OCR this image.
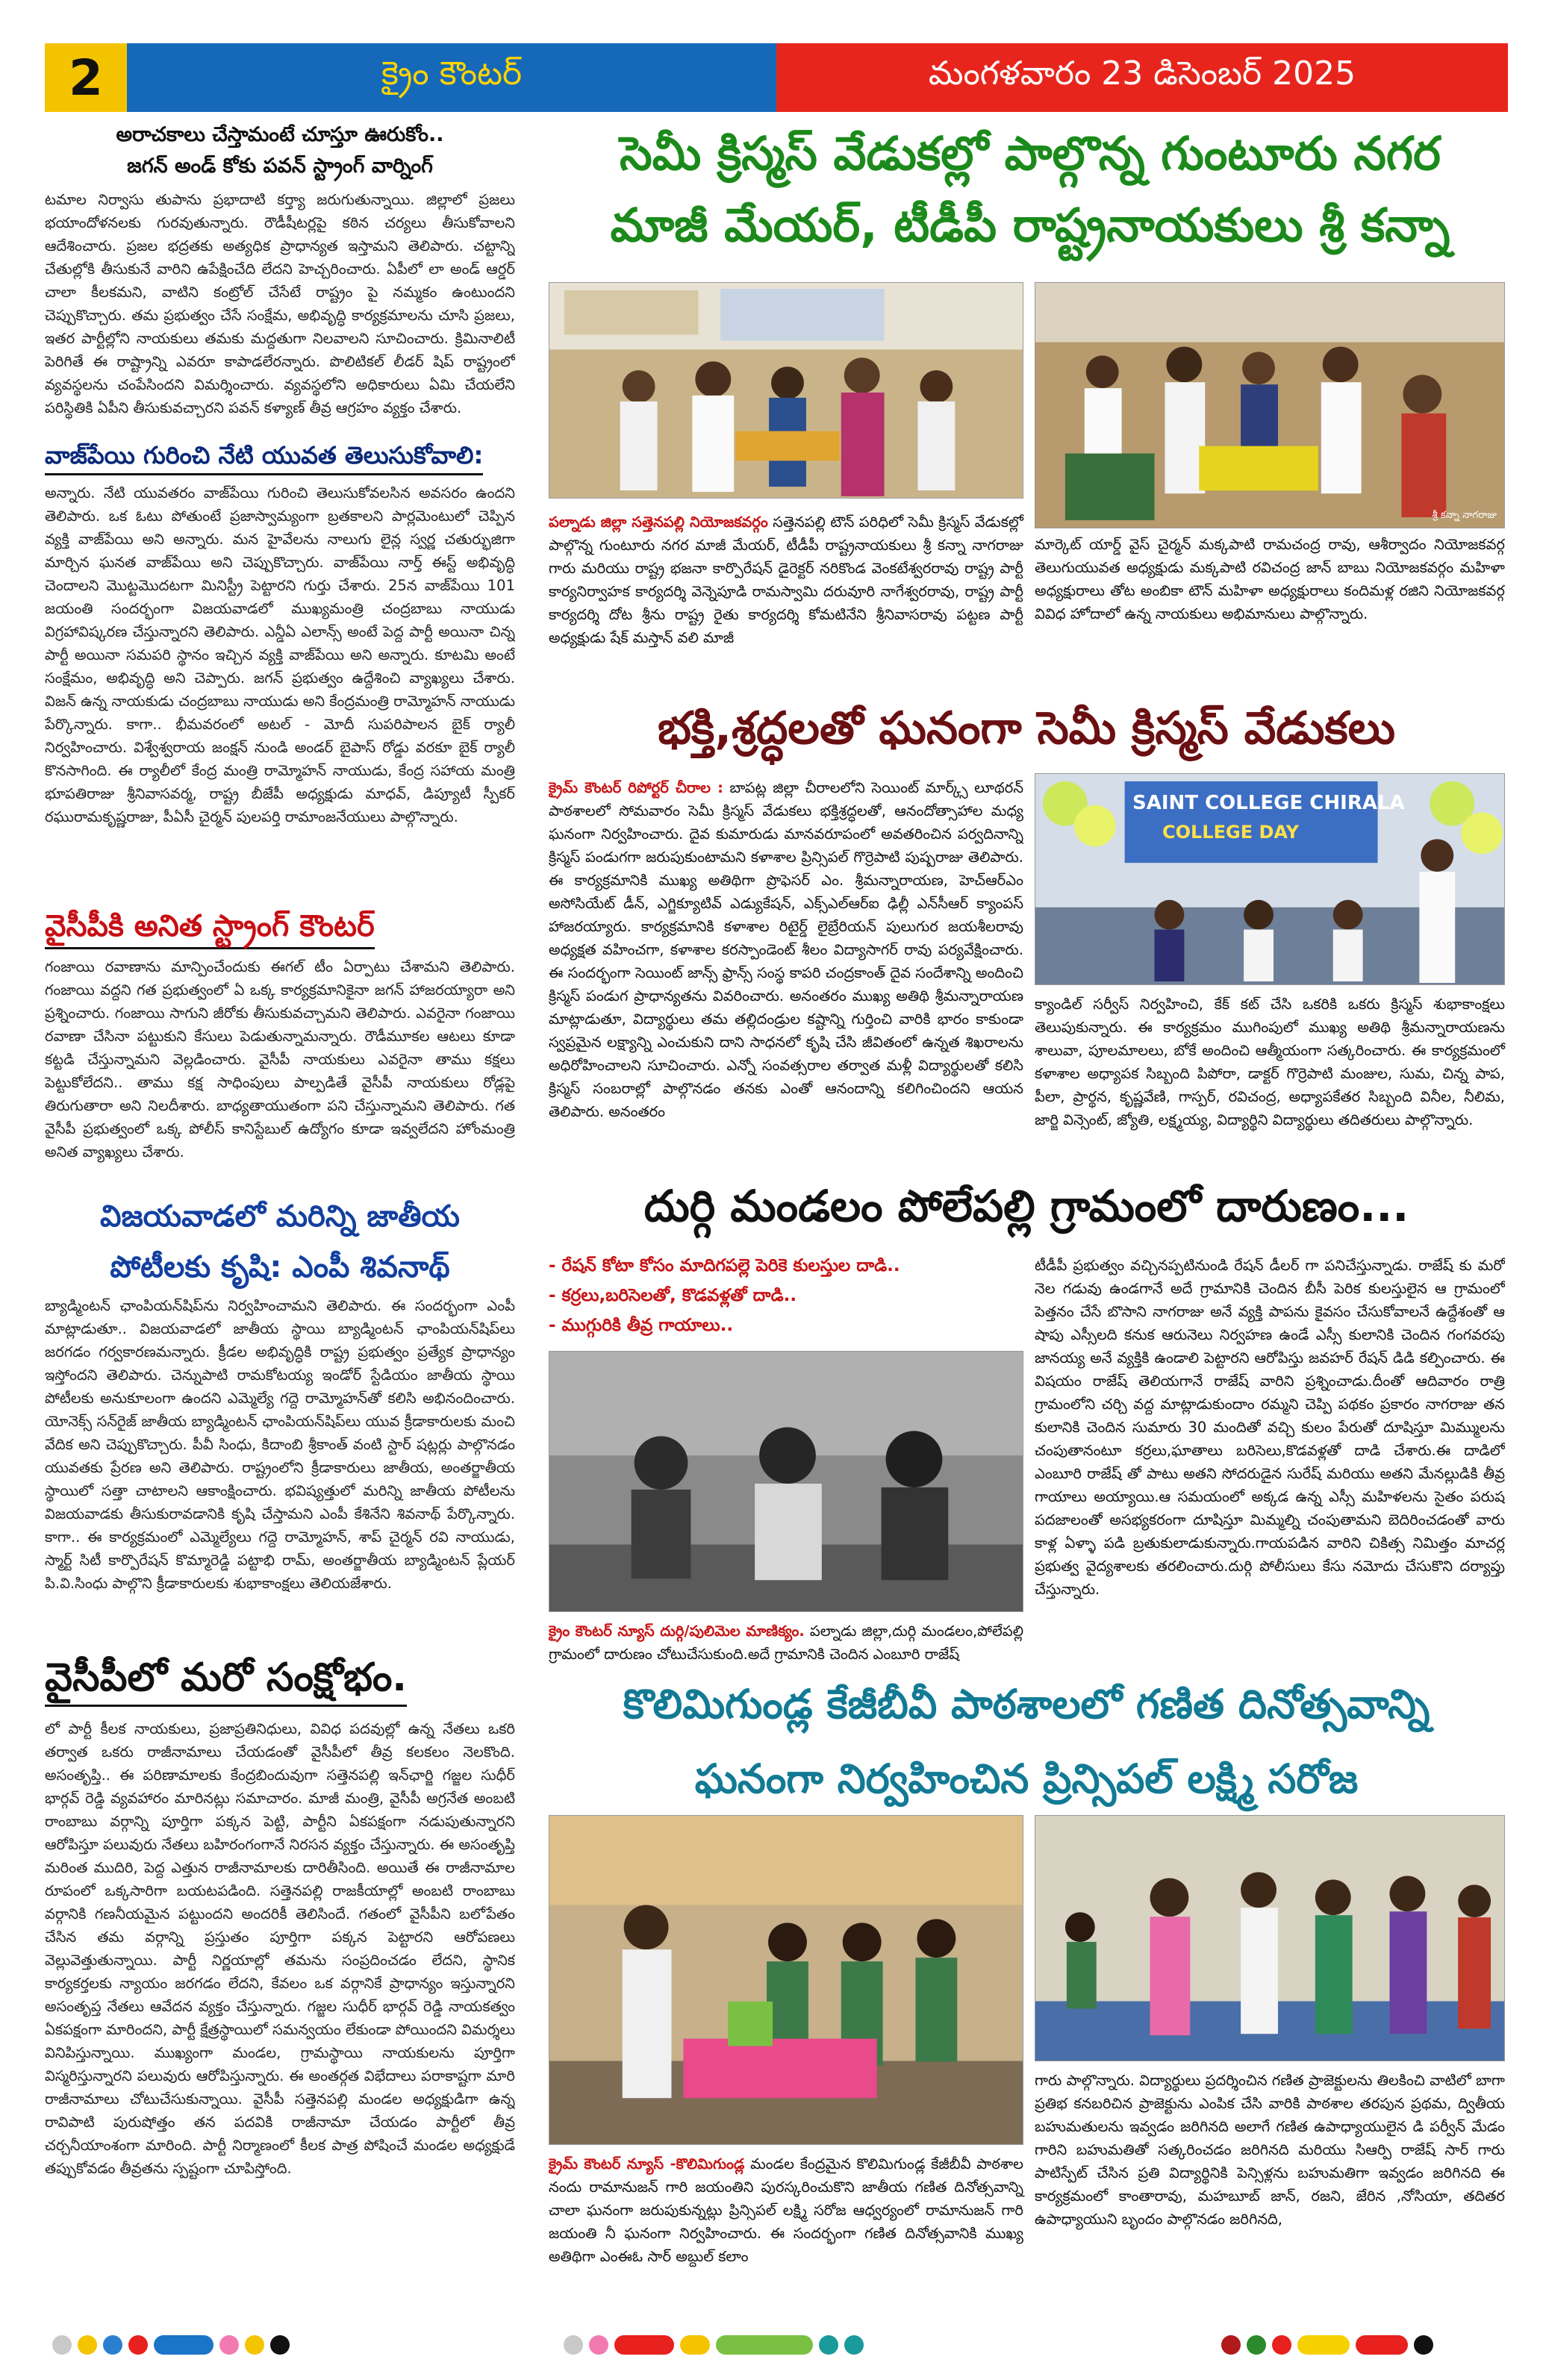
2	క్రైం కౌంటర్	మంగళవారం 23 డిసెంబర్ 2025
అరాచకాలు చేస్తామంటే చూస్తూ ఊరుకోం..
జగన్ అండ్ కోకు పవన్ స్ట్రాంగ్ వార్నింగ్

టమాల నిర్వాసు తుపాను ప్రభాదాటి కర్త్యా జరుగుతున్నాయి. జిల్లాలో ప్రజలు భయాందోళనలకు గురవుతున్నారు. రౌడీషీటర్లపై కఠిన చర్యలు తీసుకోవాలని ఆదేశించారు. ప్రజల భద్రతకు అత్యధిక ప్రాధాన్యత ఇస్తామని తెలిపారు. చట్టాన్ని చేతుల్లోకి తీసుకునే వారిని ఉపేక్షించేది లేదని హెచ్చరించారు. ఏపీలో లా అండ్ ఆర్డర్ చాలా కీలకమని, వాటిని కంట్రోల్ చేసేటే రాష్ట్రం పై నమ్మకం ఉంటుందని చెప్పుకొచ్చారు. తమ ప్రభుత్వం చేసే సంక్షేమ, అభివృద్ధి కార్యక్రమాలను చూసి ప్రజలు, ఇతర పార్టీల్లోని నాయకులు తమకు మద్దతుగా నిలవాలని సూచించారు. క్రిమినాలిటీ పెరిగితే ఈ రాష్ట్రాన్ని ఎవరూ కాపాడలేరన్నారు. పొలిటికల్ లీడర్ షిప్ రాష్ట్రంలో వ్యవస్థలను చంపేసిందని విమర్శించారు. వ్యవస్థలోని అధికారులు ఏమి చేయలేని పరిస్థితికి ఏపీని తీసుకువచ్చారని పవన్ కళ్యాణ్ తీవ్ర ఆగ్రహం వ్యక్తం చేశారు.

వాజ్‌పేయి గురించి నేటి యువత తెలుసుకోవాలి:

అన్నారు. నేటి యువతరం వాజ్‌పేయి గురించి తెలుసుకోవలసిన అవసరం ఉందని తెలిపారు. ఒక ఓటు పోతుంటే ప్రజాస్వామ్యంగా బ్రతకాలని పార్లమెంటులో చెప్పిన వ్యక్తి వాజ్‌పేయి అని అన్నారు. మన హైవేలను నాలుగు లైన్ల స్వర్ణ చతుర్భుజిగా మార్చిన ఘనత వాజ్‌పేయి అని చెప్పుకొచ్చారు. వాజ్‌పేయి నార్త్ ఈస్ట్ అభివృద్ధి చెందాలని మొట్టమొదటగా మినిస్ట్రీ పెట్టారని గుర్తు చేశారు. 25న వాజ్‌పేయి 101 జయంతి సందర్భంగా విజయవాడలో ముఖ్యమంత్రి చంద్రబాబు నాయుడు విగ్రహావిష్కరణ చేస్తున్నారని తెలిపారు. ఎన్డీఏ ఎలాన్స్ అంటే పెద్ద పార్టీ అయినా చిన్న పార్టీ అయినా సమపరి స్థానం ఇచ్చిన వ్యక్తి వాజ్‌పేయి అని అన్నారు. కూటమి అంటే సంక్షేమం, అభివృద్ధి అని చెప్పారు. జగన్ ప్రభుత్వం ఉద్దేశించి వ్యాఖ్యలు చేశారు. విజన్ ఉన్న నాయకుడు చంద్రబాబు నాయుడు అని కేంద్రమంత్రి రామ్మోహన్ నాయుడు పేర్కొన్నారు. కాగా.. భీమవరంలో అటల్ - మోదీ సుపరిపాలన బైక్ ర్యాలీ నిర్వహించారు. విశ్వేశ్వరాయ జంక్షన్ నుండి అండర్ బైపాస్ రోడ్డు వరకూ బైక్ ర్యాలీ కొనసాగింది. ఈ ర్యాలీలో కేంద్ర మంత్రి రామ్మోహన్ నాయుడు, కేంద్ర సహాయ మంత్రి భూపతిరాజు శ్రీనివాసవర్మ, రాష్ట్ర బీజేపీ అధ్యక్షుడు మాధవ్, డిప్యూటీ స్పీకర్ రఘురామకృష్ణరాజు, పీఏసీ చైర్మన్ పులపర్తి రామాంజనేయులు పాల్గొన్నారు.

వైసీపీకి అనిత స్ట్రాంగ్ కౌంటర్

గంజాయి రవాణాను మాన్పించేందుకు ఈగల్ టీం ఏర్పాటు చేశామని తెలిపారు. గంజాయి వద్దని గత ప్రభుత్వంలో ఏ ఒక్క కార్యక్రమానికైనా జగన్ హాజరయ్యారా అని ప్రశ్నించారు. గంజాయి సాగుని జీరోకు తీసుకువచ్చామని తెలిపారు. ఎవరైనా గంజాయి రవాణా చేసినా పట్టుకుని కేసులు పెడుతున్నామన్నారు. రౌడీమూకల ఆటలు కూడా కట్టడి చేస్తున్నామని వెల్లడించారు. వైసీపీ నాయకులు ఎవరైనా తాము కక్షలు పెట్టుకోలేదని.. తాము కక్ష సాధింపులు పాల్పడితే వైసీపీ నాయకులు రోడ్లపై తిరుగుతారా అని నిలదీశారు. బాధ్యతాయుతంగా పని చేస్తున్నామని తెలిపారు. గత వైసీపీ ప్రభుత్వంలో ఒక్క పోలీస్ కానిస్టేబుల్ ఉద్యోగం కూడా ఇవ్వలేదని హోంమంత్రి అనిత వ్యాఖ్యలు చేశారు.

విజయవాడలో మరిన్ని జాతీయ
పోటీలకు కృషి: ఎంపీ శివనాథ్

బ్యాడ్మింటన్ ఛాంపియన్‌షిప్‌ను నిర్వహించామని తెలిపారు. ఈ సందర్భంగా ఎంపీ మాట్లాడుతూ.. విజయవాడలో జాతీయ స్థాయి బ్యాడ్మింటన్ ఛాంపియన్‌షిప్‌లు జరగడం గర్వకారణమన్నారు. క్రీడల అభివృద్ధికి రాష్ట్ర ప్రభుత్వం ప్రత్యేక ప్రాధాన్యం ఇస్తోందని తెలిపారు. చెన్నుపాటి రామకోటయ్య ఇండోర్ స్టేడియం జాతీయ స్థాయి పోటీలకు అనుకూలంగా ఉందని ఎమ్మెల్యే గద్దె రామ్మోహన్‌తో కలిసి అభినందించారు. యోనెక్స్ సన్‌రైజ్ జాతీయ బ్యాడ్మింటన్ ఛాంపియన్‌షిప్‌లు యువ క్రీడాకారులకు మంచి వేదిక అని చెప్పుకొచ్చారు. పీవీ సింధు, కిదాంబి శ్రీకాంత్ వంటి స్టార్ షట్లర్లు పాల్గొనడం యువతకు ప్రేరణ అని తెలిపారు. రాష్ట్రంలోని క్రీడాకారులు జాతీయ, అంతర్జాతీయ స్థాయిలో సత్తా చాటాలని ఆకాంక్షించారు. భవిష్యత్తులో మరిన్ని జాతీయ పోటీలను విజయవాడకు తీసుకురావడానికి కృషి చేస్తామని ఎంపీ కేశినేని శివనాథ్ పేర్కొన్నారు. కాగా.. ఈ కార్యక్రమంలో ఎమ్మెల్యేలు గద్దె రామ్మోహన్, శాప్ చైర్మన్ రవి నాయుడు, స్మార్ట్ సిటీ కార్పొరేషన్ కొమ్మారెడ్డి పట్టాభి రామ్, అంతర్జాతీయ బ్యాడ్మింటన్ ప్లేయర్ పి.వి.సింధు పాల్గొని క్రీడాకారులకు శుభాకాంక్షలు తెలియజేశారు.

వైసీపీలో మరో సంక్షోభం.

లో పార్టీ కీలక నాయకులు, ప్రజాప్రతినిధులు, వివిధ పదవుల్లో ఉన్న నేతలు ఒకరి తర్వాత ఒకరు రాజీనామాలు చేయడంతో వైసీపీలో తీవ్ర కలకలం నెలకొంది. అసంతృప్తి.. ఈ పరిణామాలకు కేంద్రబిందువుగా సత్తెనపల్లి ఇన్‌ఛార్జి గజ్జల సుధీర్ భార్గవ్ రెడ్డి వ్యవహారం మారినట్లు సమాచారం. మాజీ మంత్రి, వైసీపీ అగ్రనేత అంబటి రాంబాబు వర్గాన్ని పూర్తిగా పక్కన పెట్టి, పార్టీని ఏకపక్షంగా నడుపుతున్నారని ఆరోపిస్తూ పలువురు నేతలు బహిరంగంగానే నిరసన వ్యక్తం చేస్తున్నారు. ఈ అసంతృప్తి మరింత ముదిరి, పెద్ద ఎత్తున రాజీనామాలకు దారితీసింది. అయితే ఈ రాజీనామాల రూపంలో ఒక్కసారిగా బయటపడింది. సత్తెనపల్లి రాజకీయాల్లో అంబటి రాంబాబు వర్గానికి గణనీయమైన పట్టుందని అందరికీ తెలిసిందే. గతంలో వైసీపీని బలోపేతం చేసిన తమ వర్గాన్ని ప్రస్తుతం పూర్తిగా పక్కన పెట్టారని ఆరోపణలు వెల్లువెత్తుతున్నాయి. పార్టీ నిర్ణయాల్లో తమను సంప్రదించడం లేదని, స్థానిక కార్యకర్తలకు న్యాయం జరగడం లేదని, కేవలం ఒక వర్గానికే ప్రాధాన్యం ఇస్తున్నారని అసంతృప్త నేతలు ఆవేదన వ్యక్తం చేస్తున్నారు. గజ్జల సుధీర్ భార్గవ్ రెడ్డి నాయకత్వం ఏకపక్షంగా మారిందని, పార్టీ క్షేత్రస్థాయిలో సమన్వయం లేకుండా పోయిందని విమర్శలు వినిపిస్తున్నాయి. ముఖ్యంగా మండల, గ్రామస్థాయి నాయకులను పూర్తిగా విస్మరిస్తున్నారని పలువురు ఆరోపిస్తున్నారు. ఈ అంతర్గత విభేదాలు పరాకాష్టగా మారి రాజీనామాలు చోటుచేసుకున్నాయి. వైసీపీ సత్తెనపల్లి మండల అధ్యక్షుడిగా ఉన్న రావిపాటి పురుషోత్తం తన పదవికి రాజీనామా చేయడం పార్టీలో తీవ్ర చర్చనీయాంశంగా మారింది. పార్టీ నిర్మాణంలో కీలక పాత్ర పోషించే మండల అధ్యక్షుడే తప్పుకోవడం తీవ్రతను స్పష్టంగా చూపిస్తోంది.

సెమీ క్రిస్మస్ వేడుకల్లో పాల్గొన్న గుంటూరు నగర
మాజీ మేయర్, టీడీపీ రాష్ట్రనాయకులు శ్రీ కన్నా
శ్రీ కన్నా నాగరాజు

పల్నాడు జిల్లా సత్తెనపల్లి నియోజకవర్గం సత్తెనపల్లి టౌన్ పరిధిలో సెమీ క్రిస్మస్ వేడుకల్లో పాల్గొన్న గుంటూరు నగర మాజీ మేయర్, టీడీపీ రాష్ట్రనాయకులు శ్రీ కన్నా నాగరాజు గారు మరియు రాష్ట్ర భజనా కార్పొరేషన్ డైరెక్టర్ నరికొండ వెంకటేశ్వరరావు రాష్ట్ర పార్టీ కార్యనిర్వాహక కార్యదర్శి వెన్నెపూడి రామస్వామి దరువూరి నాగేశ్వరరావు, రాష్ట్ర పార్టీ కార్యదర్శి దోట శ్రీను రాష్ట్ర రైతు కార్యదర్శి కోమటినేని శ్రీనివాసరావు పట్టణ పార్టీ అధ్యక్షుడు షేక్ మస్తాన్ వలి మాజీ

మార్కెట్ యార్డ్ వైస్ చైర్మన్ మక్కపాటి రామచంద్ర రావు, ఆశీర్వాదం నియోజకవర్గ తెలుగుయువత అధ్యక్షుడు మక్కపాటి రవిచంద్ర జాన్ బాబు నియోజకవర్గం మహిళా అధ్యక్షురాలు తోట అంబికా టౌన్ మహిళా అధ్యక్షురాలు కందిమళ్ల రజిని నియోజకవర్గ వివిధ హోదాలో ఉన్న నాయకులు అభిమానులు పాల్గొన్నారు.

భక్తి,శ్రద్ధలతో ఘనంగా సెమీ క్రిస్మస్ వేడుకలు

క్రైమ్ కౌంటర్ రిపోర్టర్ చీరాల : బాపట్ల జిల్లా చీరాలలోని సెయింట్ మార్క్స్ లూథరన్ పాఠశాలలో సోమవారం సెమీ క్రిస్మస్ వేడుకలు భక్తిశ్రద్ధలతో, ఆనందోత్సాహాల మధ్య ఘనంగా నిర్వహించారు. దైవ కుమారుడు మానవరూపంలో అవతరించిన పర్వదినాన్ని క్రిస్మస్ పండుగగా జరుపుకుంటామని కళాశాల ప్రిన్సిపల్ గొర్రెపాటి పుష్పరాజు తెలిపారు. ఈ కార్యక్రమానికి ముఖ్య అతిథిగా ప్రొఫెసర్ ఎం. శ్రీమన్నారాయణ, హెచ్ఆర్‌ఎం అసోసియేట్ డీన్, ఎగ్జిక్యూటివ్ ఎడ్యుకేషన్, ఎక్స్‌ఎల్‌ఆర్ఐ ఢిల్లీ ఎన్‌సీఆర్ క్యాంపస్ హాజరయ్యారు. కార్యక్రమానికి కళాశాల రిటైర్డ్ లైబ్రేరియన్ పులుగుర జయశీలరావు అధ్యక్షత వహించగా, కళాశాల కరస్పాండెంట్ శీలం విద్యాసాగర్ రావు పర్యవేక్షించారు. ఈ సందర్భంగా సెయింట్ జాన్స్ ఫ్రాన్స్ సంస్థ కాపరి చంద్రకాంత్ దైవ సందేశాన్ని అందించి క్రిస్మస్ పండుగ ప్రాధాన్యతను వివరించారు. అనంతరం ముఖ్య అతిథి శ్రీమన్నారాయణ మాట్లాడుతూ, విద్యార్థులు తమ తల్లిదండ్రుల కష్టాన్ని గుర్తించి వారికి భారం కాకుండా స్వప్రమైన లక్ష్యాన్ని ఎంచుకుని దాని సాధనలో కృషి చేసి జీవితంలో ఉన్నత శిఖరాలను అధిరోహించాలని సూచించారు. ఎన్నో సంవత్సరాల తర్వాత మళ్లీ విద్యార్థులతో కలిసి క్రిస్మస్ సంబరాల్లో పాల్గొనడం తనకు ఎంతో ఆనందాన్ని కలిగించిందని ఆయన తెలిపారు. అనంతరం

SAINT COLLEGE CHIRALA
COLLEGE DAY

క్యాండిల్ సర్వీస్ నిర్వహించి, కేక్ కట్ చేసి ఒకరికి ఒకరు క్రిస్మస్ శుభాకాంక్షలు తెలుపుకున్నారు. ఈ కార్యక్రమం ముగింపులో ముఖ్య అతిథి శ్రీమన్నారాయణను శాలువా, పూలమాలలు, బోకే అందించి ఆత్మీయంగా సత్కరించారు. ఈ కార్యక్రమంలో కళాశాల అధ్యాపక సిబ్బంది పిపోరా, డాక్టర్ గొర్రెపాటి మంజుల, సుమ, చిన్న పాప, పీలా, ప్రార్థన, కృష్ణవేణి, గాస్పర్, రవిచంద్ర, అధ్యాపకేతర సిబ్బంది వినీల, నీలిమ, జార్జి విన్సెంట్, జ్యోతి, లక్ష్మయ్య, విద్యార్థిని విద్యార్థులు తదితరులు పాల్గొన్నారు.

దుర్గి మండలం పోలేపల్లి గ్రామంలో దారుణం...
- రేషన్ కోటా కోసం మాదిగపల్లె పెరికె కులస్తుల దాడి..
- కర్రలు,బరిసెలతో, కొడవళ్లతో దాడి..
- ముగ్గురికి తీవ్ర గాయాలు..

క్రైం కౌంటర్ న్యూస్ దుర్గి/పులిమెల మాణిక్యం. పల్నాడు జిల్లా,దుర్గి మండలం,పోలేపల్లి గ్రామంలో దారుణం చోటుచేసుకుంది.అదే గ్రామానికి చెందిన ఎంబూరి రాజేష్

టీడీపీ ప్రభుత్వం వచ్చినప్పటినుండి రేషన్ డీలర్ గా పనిచేస్తున్నాడు. రాజేష్ కు మరో నెల గడువు ఉండగానే అదే గ్రామానికి చెందిన బీసీ పెరిక కులస్తులైన ఆ గ్రామంలో పెత్తనం చేసే బొసాని నాగరాజు అనే వ్యక్తి పాపను కైవసం చేసుకోవాలనే ఉద్దేశంతో ఆ షాపు ఎస్సీలది కనుక ఆరునెలు నిర్వహణ ఉండే ఎస్సీ కులానికి చెందిన గంగవరపు జానయ్య అనే వ్యక్తికి ఉండాలి పెట్టారని ఆరోపిస్తు జవహర్ రేషన్ డిడి కల్పించారు. ఈ విషయం రాజేష్ తెలియగానే రాజేష్ వారిని ప్రశ్నించాడు.దీంతో ఆదివారం రాత్రి గ్రామంలోని చర్చి వద్ద మాట్లాడుకుందాం రమ్మని చెప్పి పథకం ప్రకారం నాగరాజు తన కులానికి చెందిన సుమారు 30 మందితో వచ్చి కులం పేరుతో దూషిస్తూ మిమ్ములను చంపుతానంటూ కర్రలు,ఘాతాలు బరిసెలు,కొడవళ్లతో దాడి చేశారు.ఈ దాడిలో ఎంబూరి రాజేష్ తో పాటు అతని సోదరుడైన సురేష్ మరియు అతని మేనల్లుడికి తీవ్ర గాయాలు అయ్యాయి.ఆ సమయంలో అక్కడ ఉన్న ఎస్సీ మహిళలను సైతం పరుష పదజాలంతో అసభ్యకరంగా దూషిస్తూ మిమ్మల్ని చంపుతామని బెదిరించడంతో వారు కాళ్ల ఏళ్ళా పడి బ్రతుకులాడుకున్నారు.గాయపడిన వారిని చికిత్స నిమిత్తం మాచర్ల ప్రభుత్వ వైద్యశాలకు తరలించారు.దుర్గి పోలీసులు కేసు నమోదు చేసుకొని దర్యాప్తు చేస్తున్నారు.

కొలిమిగుండ్ల కేజీబీవీ పాఠశాలలో గణిత దినోత్సవాన్ని
ఘనంగా నిర్వహించిన ప్రిన్సిపల్ లక్ష్మి సరోజ

క్రైమ్ కౌంటర్ న్యూస్ -కొలిమిగుండ్ల మండల కేంద్రమైన కొలిమిగుండ్ల కేజీబీవీ పాఠశాల నందు రామానుజన్ గారి జయంతిని పురస్కరించుకొని జాతీయ గణిత దినోత్సవాన్ని చాలా ఘనంగా జరుపుకున్నట్లు ప్రిన్సిపల్ లక్ష్మి సరోజ ఆధ్వర్యంలో రామానుజన్ గారి జయంతి నీ ఘనంగా నిర్వహించారు. ఈ సందర్భంగా గణిత దినోత్సవానికి ముఖ్య అతిథిగా ఎంఈఓ సార్ అబ్దుల్ కలాం

గారు పాల్గొన్నారు. విద్యార్థులు ప్రదర్శించిన గణిత ప్రాజెక్టులను తిలకించి వాటిలో బాగా ప్రతిభ కనబరిచిన ప్రాజెక్టును ఎంపిక చేసి వారికి పాఠశాల తరపున ప్రథమ, ద్వితీయ బహుమతులను ఇవ్వడం జరిగినది అలాగే గణిత ఉపాధ్యాయులైన డి పర్వీన్ మేడం గారిని బహుమతితో సత్కరించడం జరిగినది మరియు సిఆర్పి రాజేష్ సార్ గారు పాటిస్పేట్ చేసిన ప్రతి విద్యార్థినికి పెన్సిళ్లను బహుమతిగా ఇవ్వడం జరిగినది ఈ కార్యక్రమంలో కాంతారావు, మహబూబ్ జాన్, రజని, జేరిన ,నోసియా, తదితర ఉపాధ్యాయుని బృందం పాల్గొనడం జరిగినది,
